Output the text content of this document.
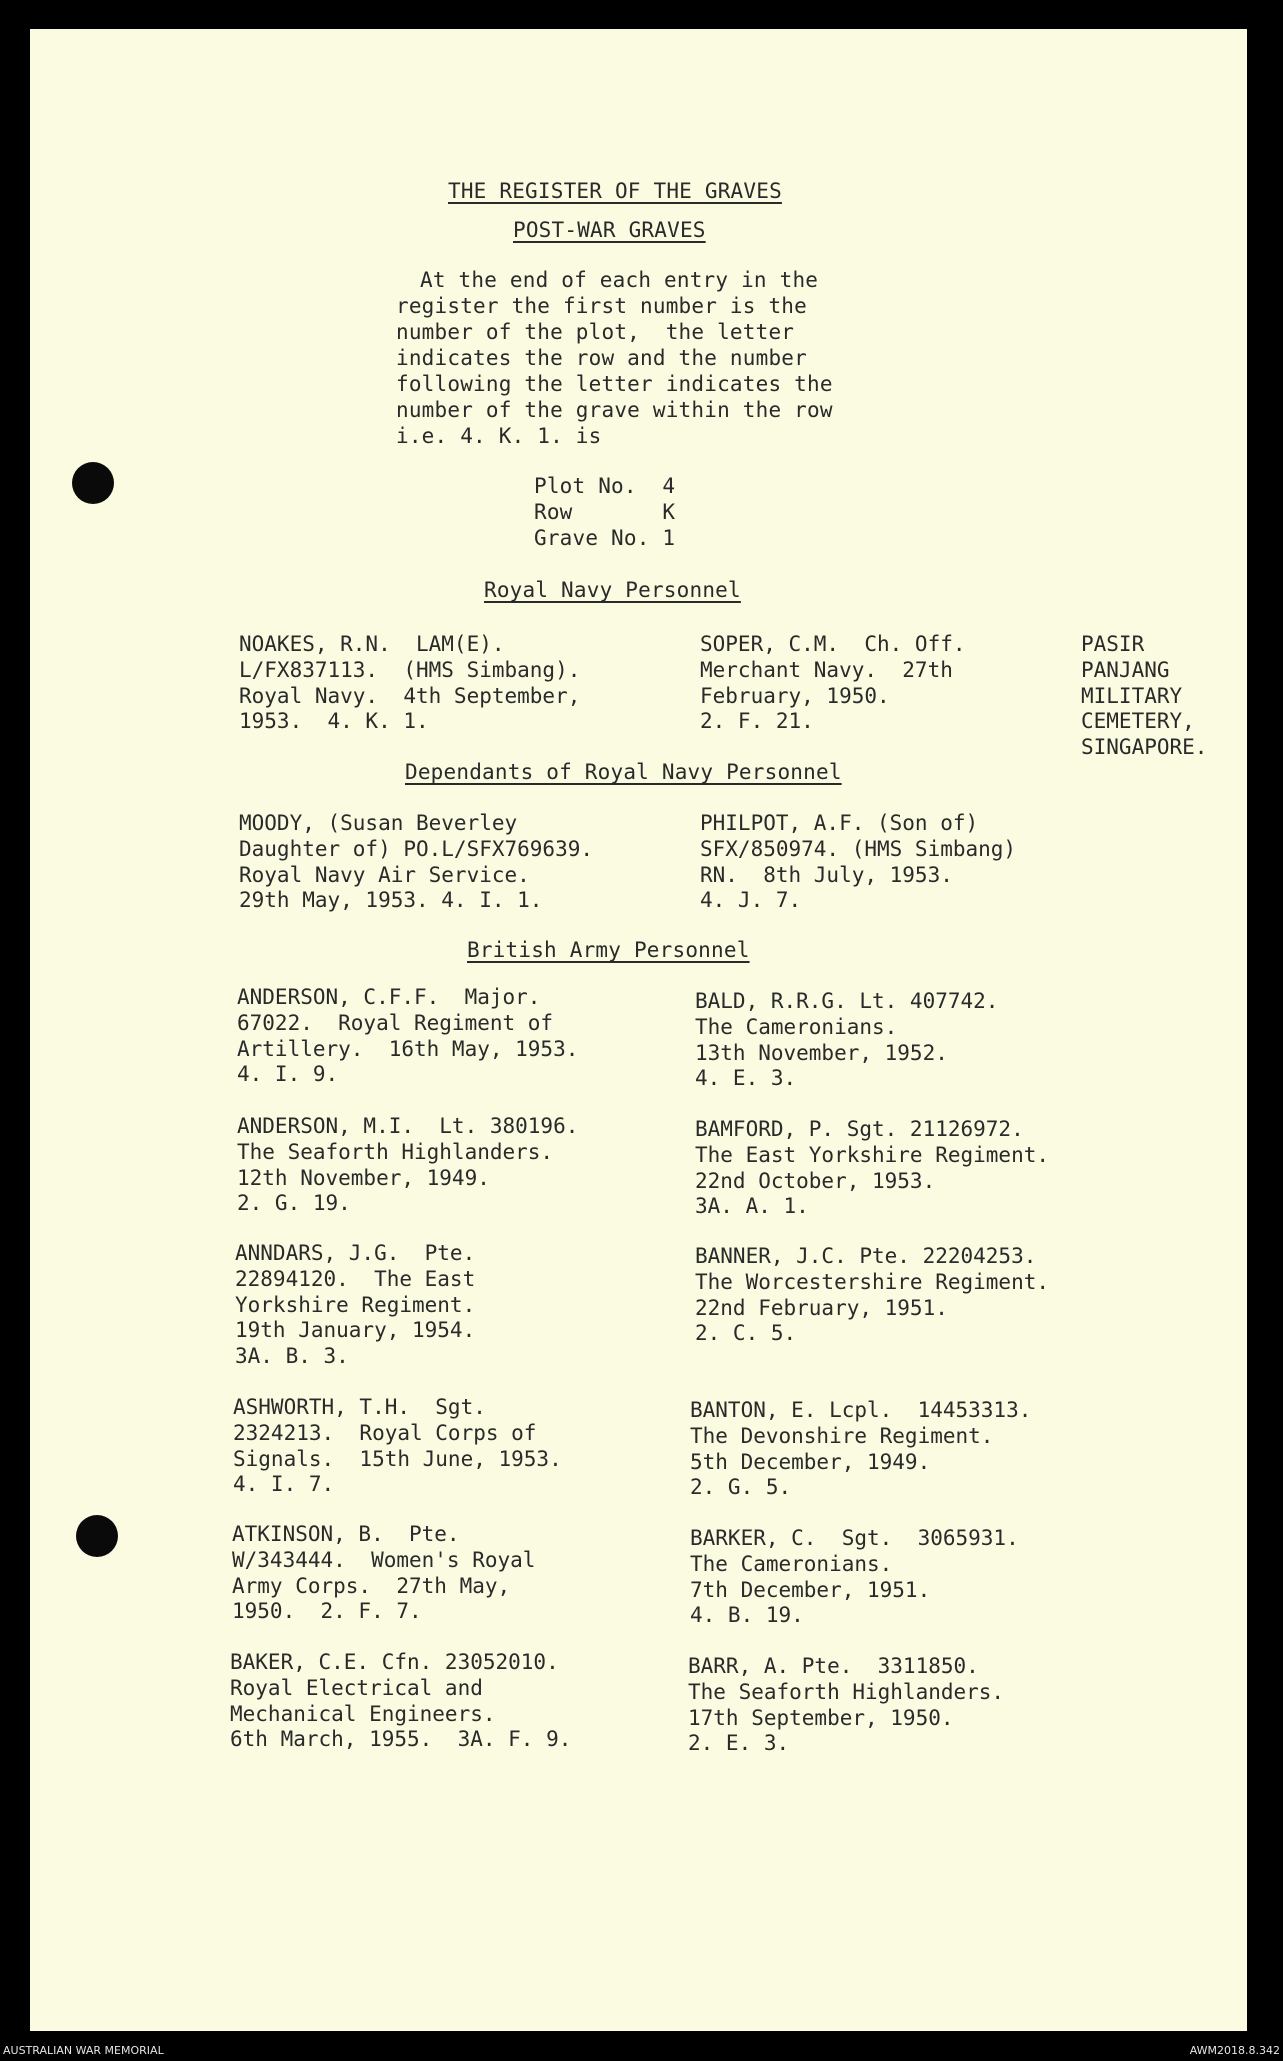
THE REGISTER OF THE GRAVES
POST-WAR GRAVES
At the end of each entry in the
register the first number is the
number of the plot,  the letter
indicates the row and the number
following the letter indicates the
number of the grave within the row
i.e. 4. K. 1. is
Plot No.  4
Row       K
Grave No. 1
Royal Navy Personnel
NOAKES, R.N.  LAM(E).
L/FX837113.  (HMS Simbang).
Royal Navy.  4th September,
1953.  4. K. 1.
SOPER, C.M.  Ch. Off.
Merchant Navy.  27th
February, 1950.
2. F. 21.
PASIR
PANJANG
MILITARY
CEMETERY,
SINGAPORE.
Dependants of Royal Navy Personnel
MOODY, (Susan Beverley
Daughter of) PO.L/SFX769639.
Royal Navy Air Service.
29th May, 1953. 4. I. 1.
PHILPOT, A.F. (Son of)
SFX/850974. (HMS Simbang)
RN.  8th July, 1953.
4. J. 7.
British Army Personnel
ANDERSON, C.F.F.  Major.
67022.  Royal Regiment of
Artillery.  16th May, 1953.
4. I. 9.
BALD, R.R.G. Lt. 407742.
The Cameronians.
13th November, 1952.
4. E. 3.
ANDERSON, M.I.  Lt. 380196.
The Seaforth Highlanders.
12th November, 1949.
2. G. 19.
BAMFORD, P. Sgt. 21126972.
The East Yorkshire Regiment.
22nd October, 1953.
3A. A. 1.
ANNDARS, J.G.  Pte.
22894120.  The East
Yorkshire Regiment.
19th January, 1954.
3A. B. 3.
BANNER, J.C. Pte. 22204253.
The Worcestershire Regiment.
22nd February, 1951.
2. C. 5.
ASHWORTH, T.H.  Sgt.
2324213.  Royal Corps of
Signals.  15th June, 1953.
4. I. 7.
BANTON, E. Lcpl.  14453313.
The Devonshire Regiment.
5th December, 1949.
2. G. 5.
ATKINSON, B.  Pte.
W/343444.  Women's Royal
Army Corps.  27th May,
1950.  2. F. 7.
BARKER, C.  Sgt.  3065931.
The Cameronians.
7th December, 1951.
4. B. 19.
BAKER, C.E. Cfn. 23052010.
Royal Electrical and
Mechanical Engineers.
6th March, 1955.  3A. F. 9.
BARR, A. Pte.  3311850.
The Seaforth Highlanders.
17th September, 1950.
2. E. 3.
AUSTRALIAN WAR MEMORIAL	AWM2018.8.342
